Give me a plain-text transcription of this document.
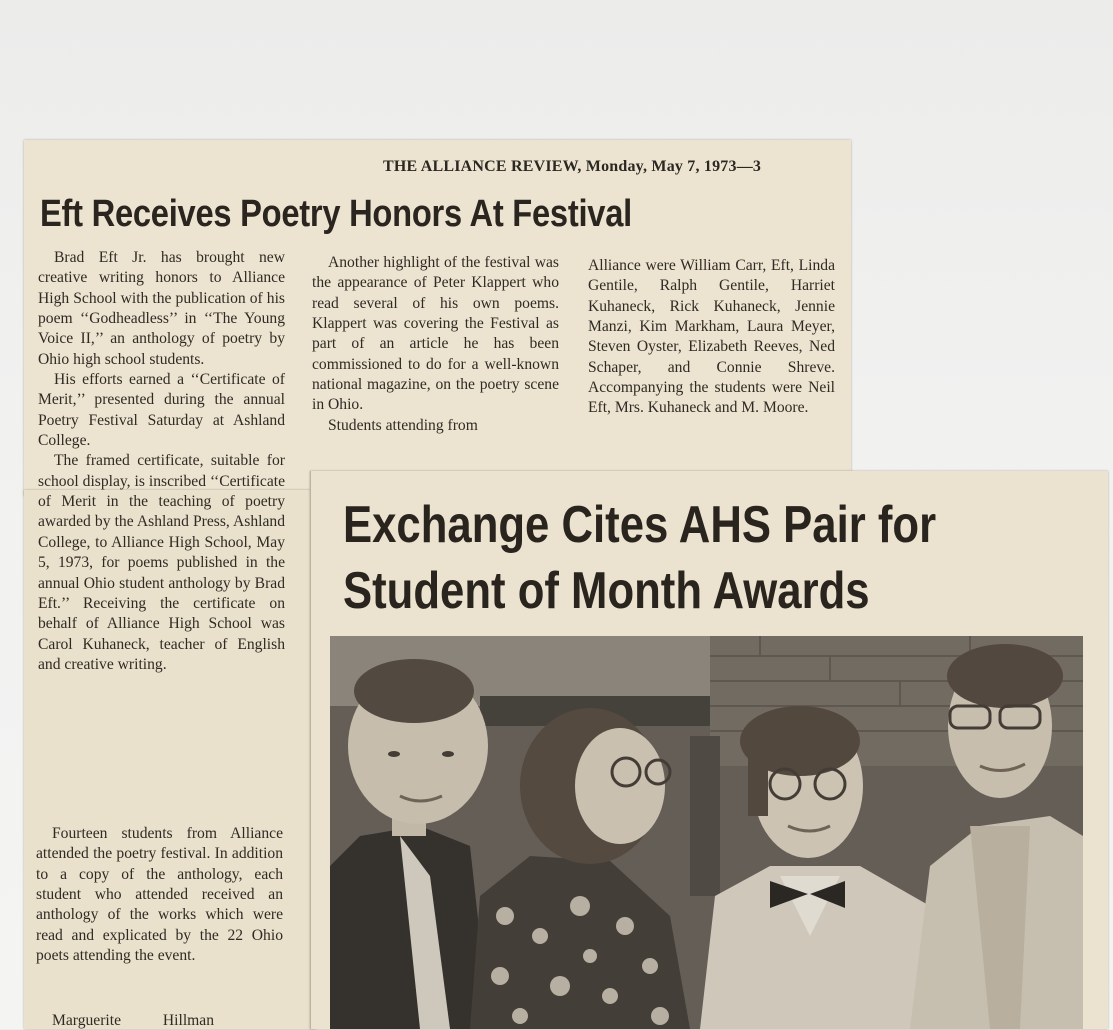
THE ALLIANCE REVIEW, Monday, May 7, 1973—3
Eft Receives Poetry Honors At Festival

Brad Eft Jr. has brought new creative writing honors to Alliance High School with the publication of his poem ‘‘Godheadless’’ in ‘‘The Young Voice II,’’ an anthology of poetry by Ohio high school students.

His efforts earned a ‘‘Certificate of Merit,’’ presented during the annual Poetry Festival Saturday at Ashland College.

The framed certificate, suitable for school display, is inscribed ‘‘Certificate of Merit in the teaching of poetry awarded by the Ashland Press, Ashland College, to Alliance High School, May 5, 1973, for poems published in the annual Ohio student anthology by Brad Eft.’’ Receiving the certificate on behalf of Alliance High School was Carol Kuhaneck, teacher of English and creative writing.

Fourteen students from Alliance attended the poetry festival. In addition to a copy of the anthology, each student who attended received an anthology of the works which were read and explicated by the 22 Ohio poets attending the event.

Marguerite Hillman

Another highlight of the festival was the appearance of Peter Klappert who read several of his own poems. Klappert was covering the Festival as part of an article he has been commissioned to do for a well-known national magazine, on the poetry scene in Ohio.

Students attending from

Alliance were William Carr, Eft, Linda Gentile, Ralph Gentile, Harriet Kuhaneck, Rick Kuhaneck, Jennie Manzi, Kim Markham, Laura Meyer, Steven Oyster, Elizabeth Reeves, Ned Schaper, and Connie Shreve. Accompanying the students were Neil Eft, Mrs. Kuhaneck and M. Moore.

Exchange Cites AHS Pair for
Student of Month Awards
